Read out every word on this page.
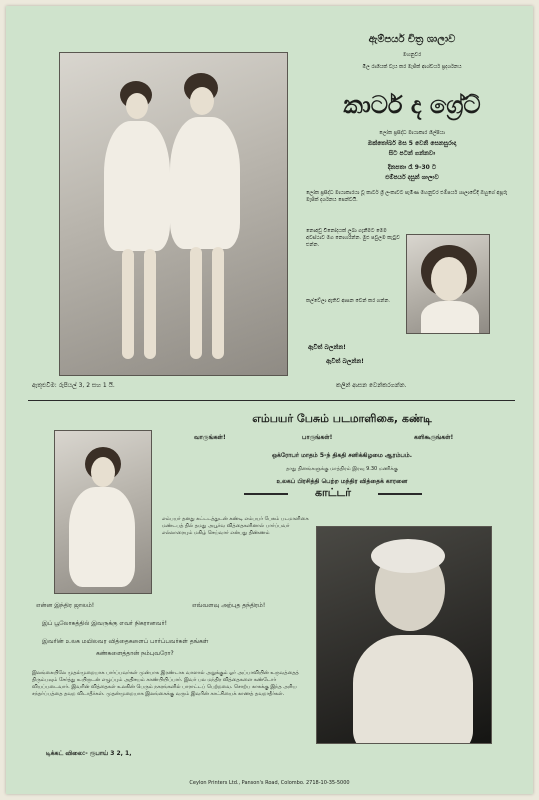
ඇම්පයර් චිත්‍ර ශාලාව
මහනුවර
මිල රාශියක් වැය කර මැජික් ආශ්චර්ය ප්‍රදර්ශනය
කාටර් ද ග්‍රේට්
ලෝක ප්‍රසිද්ධ මායාකාර ශිල්පියා
ඔක්තෝබර් මස 5 වෙනි සෙනසුරාදා
සිට පටන් ගන්නවා
දිනපතා රෑ 9-30 ට
එම්පයර් දසුන් ශාලාව
ලෝක ප්‍රසිද්ධ මායාකාරයා වූ කාටර් ශ්‍රී ලංකාවට පැමිණ මහනුවර එම්පයර් ශාලාවේදී ඔහුගේ අපූරු මැජික් දර්ශනය පෙන්වයි.
නොඅඩු විනෝදයක් ලබා ගැනීමට මෙම අවස්ථාව මග නොහරින්න. මුළු පවුලම කැටුව එන්න.
කල්වේලා ඇතිව ආසන වෙන් කර ගන්න.
ඇවිත් බලන්න!
ඇවිත් බලන්න!
ඇතුළුවීම: රුපියල් 3, 2 සහ 1 යි.	කලින් ආසන වෙන්කරගන්න.
எம்பயர் பேசும் படமாளிகை, கண்டி
வாருங்கள்!	பாருங்கள்!	களிகூருங்கள்!
ஒக்ரோபர் மாதம் 5-ந் திகதி சனிக்கிழமை ஆரம்பம்.
தாது தினங்களுக்கு மாத்திரம் இரவு 9.30 மணிக்கு
உலகப் பிரசித்தி பெற்ற மந்திர வித்தைக் காரனை
காட்டர்
எம்பயர் தனது கட்டடத்துடன் கண்டி எம்பயர் பேசும் படமாளிகை மண்டபத் தில் தமது அபூர்வ வித்தைகளினால் பார்ப்பவர் எல்லாரையும் மகிழ் செய்வார் என்பது திண்ணம்
என்ன இந்திர ஜாலம்!	எவ்வளவு அற்புத தந்திரம்!
இப் பூலோகத்தில் இவருக்கு எவர் நிகரானவர்!
இவரின் உலக மயிலவர வித்தைகளைப் பார்ப்பவர்கள் தங்கள்
கண்களைத்தான் நம்புவரோ?
இலங்கையிலே முதல்முறையாக பார்ப்பவர்கள் முன்பாக இரண்டாக வாளால் அறுக்கும் ஓர் அப்பாவியின் உருவத்தைத் திரும்பவும் சேர்த்து உயிருடன் எழுப்பும் அதிசயம் காண்பியிப்பார். இவர் பல மந்திர வித்தைகளை கண்டோர் வியப்படைவார். இவரின் வித்தைகள் உலகின் பெரும் நகரங்களில் பாராட்டப் பெற்றவை. சொற்ப காசுக்கு இந்த அரிய சந்தர்ப்பத்தை தவற விடாதீர்கள். முதன்முறையாக இலங்கைக்கு வரும் இவரின் காட்சியைக் காணத் தவறாதீர்கள்.
டிக்கட் விலை:- ரூபாய் 3 2, 1,
Ceylon Printers Ltd., Panson's Road, Colombo. 2718-10-35-5000
